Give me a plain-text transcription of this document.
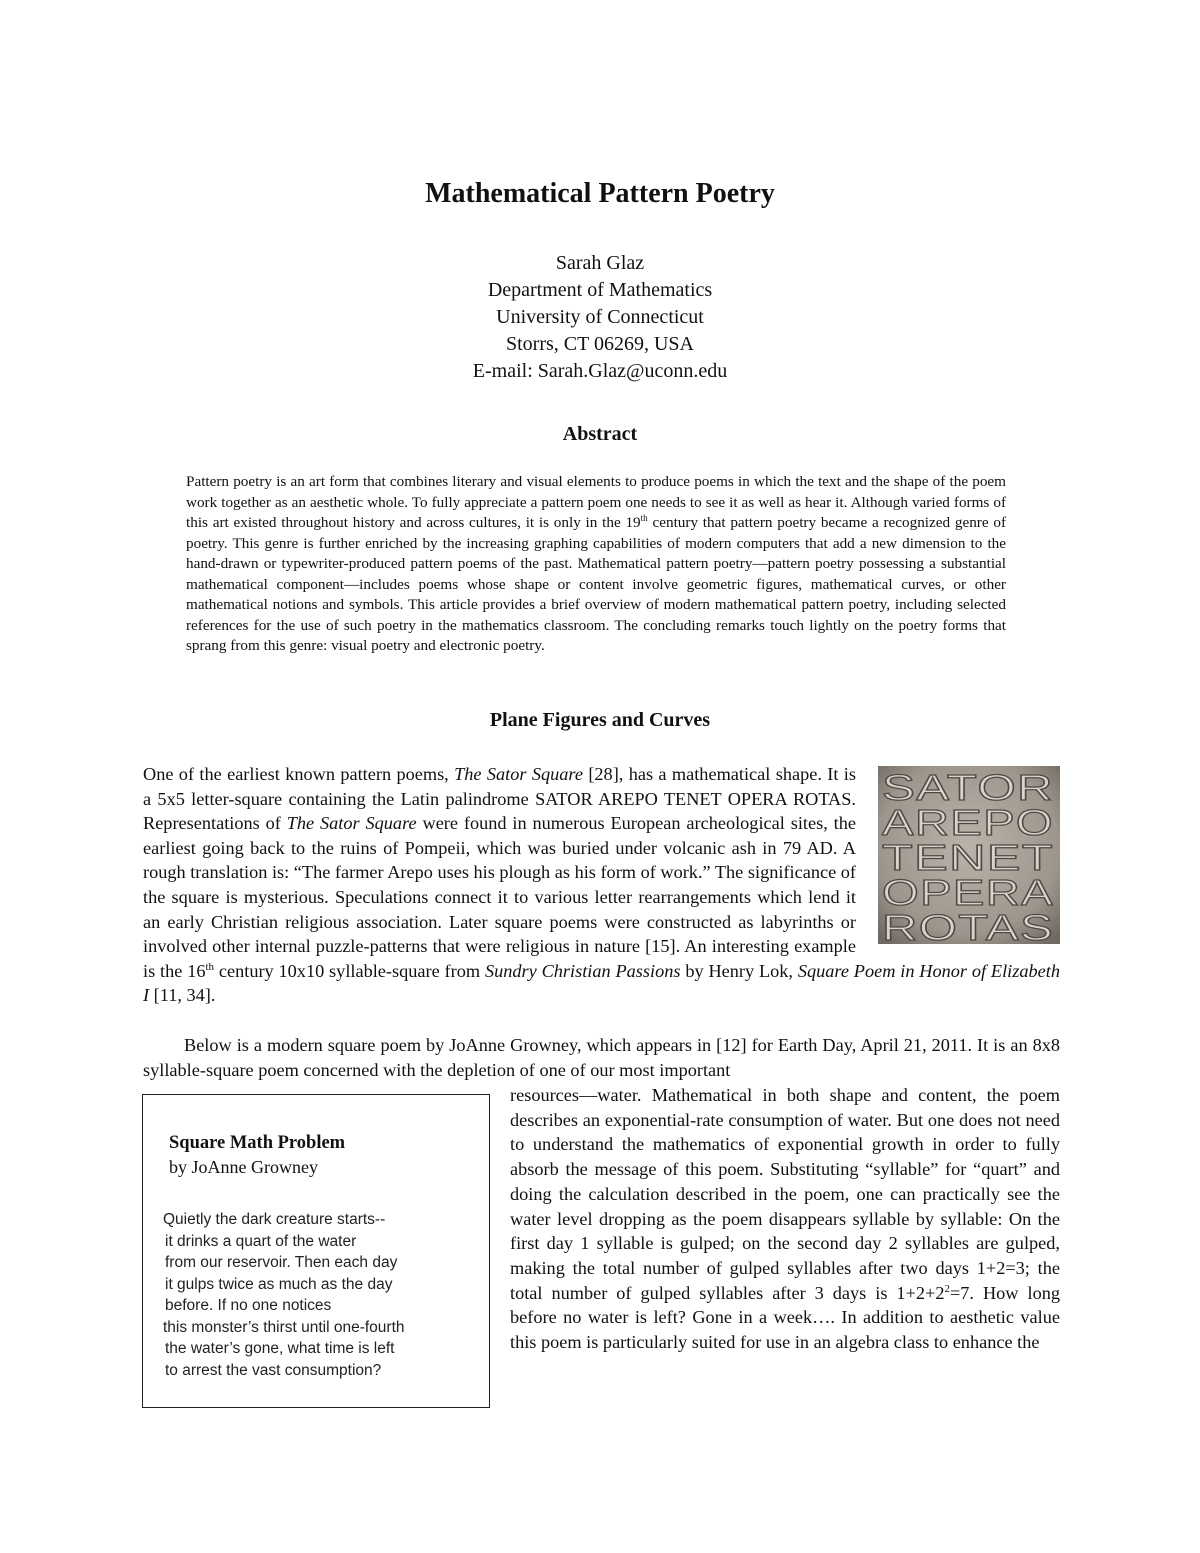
Mathematical Pattern Poetry
Sarah Glaz
Department of Mathematics
University of Connecticut
Storrs, CT 06269, USA
E-mail: Sarah.Glaz@uconn.edu
Abstract

Pattern poetry is an art form that combines literary and visual elements to produce poems in which the text and the shape of the poem work together as an aesthetic whole. To fully appreciate a pattern poem one needs to see it as well as hear it. Although varied forms of this art existed throughout history and across cultures, it is only in the 19th century that pattern poetry became a recognized genre of poetry. This genre is further enriched by the increasing graphing capabilities of modern computers that add a new dimension to the hand-drawn or typewriter-produced pattern poems of the past. Mathematical pattern poetry—pattern poetry possessing a substantial mathematical component—includes poems whose shape or content involve geometric figures, mathematical curves, or other mathematical notions and symbols. This article provides a brief overview of modern mathematical pattern poetry, including selected references for the use of such poetry in the mathematics classroom. The concluding remarks touch lightly on the poetry forms that sprang from this genre: visual poetry and electronic poetry.

Plane Figures and Curves

SATOR
AREPO
TENET
OPERA
ROTAS
One of the earliest known pattern poems, The Sator Square [28], has a mathematical shape. It is a 5x5 letter-square containing the Latin palindrome SATOR AREPO TENET OPERA ROTAS. Representations of The Sator Square were found in numerous European archeological sites, the earliest going back to the ruins of Pompeii, which was buried under volcanic ash in 79 AD. A rough translation is: “The farmer Arepo uses his plough as his form of work.” The significance of the square is mysterious. Speculations connect it to various letter rearrangements which lend it an early Christian religious association. Later square poems were constructed as labyrinths or involved other internal puzzle-patterns that were religious in nature [15]. An interesting example is the 16th century 10x10 syllable-square from Sundry Christian Passions by Henry Lok, Square Poem in Honor of Elizabeth I [11, 34].

Below is a modern square poem by JoAnne Growney, which appears in [12] for Earth Day, April 21, 2011. It is an 8x8 syllable-square poem concerned with the depletion of one of our most important

Square Math Problem
by JoAnne Growney
Quietly the dark creature starts--
it drinks a quart of the water
from our reservoir. Then each day
it gulps twice as much as the day
before. If no one notices
this monster’s thirst until one-fourth
the water’s gone, what time is left
to arrest the vast consumption?

resources—water. Mathematical in both shape and content, the poem describes an exponential-rate consumption of water. But one does not need to understand the mathematics of exponential growth in order to fully absorb the message of this poem. Substituting “syllable” for “quart” and doing the calculation described in the poem, one can practically see the water level dropping as the poem disappears syllable by syllable: On the first day 1 syllable is gulped; on the second day 2 syllables are gulped, making the total number of gulped syllables after two days 1+2=3; the total number of gulped syllables after 3 days is $1+2+2^2=7$. How long before no water is left? Gone in a week…. In addition to aesthetic value this poem is particularly suited for use in an algebra class to enhance the
